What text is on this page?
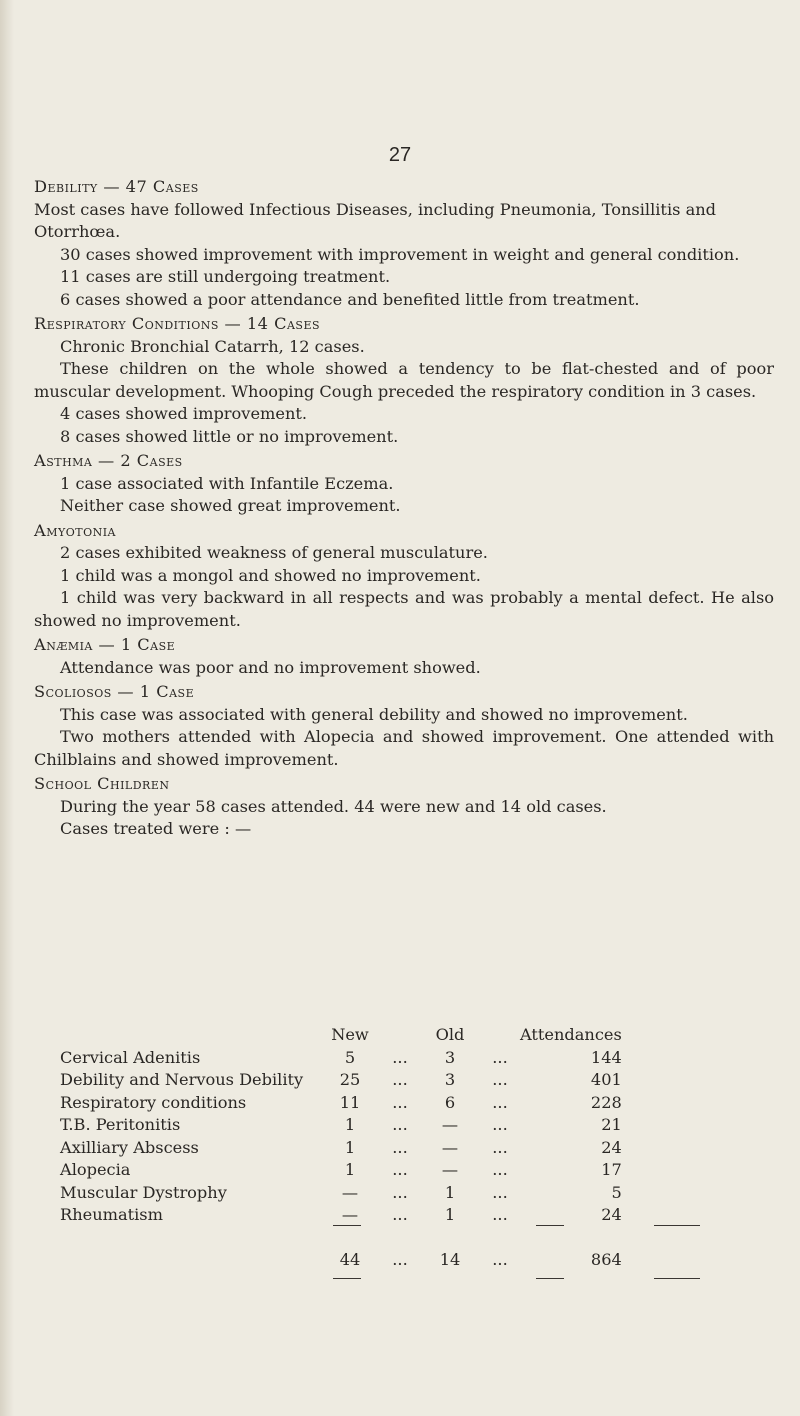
27
Debility — 47 Cases
Most cases have followed Infectious Diseases, including Pneumonia, Tonsillitis and Otorrhœa.
30 cases showed improvement with improvement in weight and general condition.
11 cases are still undergoing treatment.
6 cases showed a poor attendance and benefited little from treatment.
Respiratory Conditions — 14 Cases
Chronic Bronchial Catarrh, 12 cases.
These children on the whole showed a tendency to be flat-chested and of poor muscular development. Whooping Cough preceded the respiratory condition in 3 cases.
4 cases showed improvement.
8 cases showed little or no improvement.
Asthma — 2 Cases
1 case associated with Infantile Eczema.
Neither case showed great improvement.
Amyotonia
2 cases exhibited weakness of general musculature.
1 child was a mongol and showed no improvement.
1 child was very backward in all respects and was probably a mental defect. He also showed no improvement.
Anæmia — 1 Case
Attendance was poor and no improvement showed.
Scoliosos — 1 Case
This case was associated with general debility and showed no improvement.
Two mothers attended with Alopecia and showed improvement. One attended with Chilblains and showed improvement.
School Children
During the year 58 cases attended. 44 were new and 14 old cases.
Cases treated were : —
	New		Old		Attendances
Cervical Adenitis	5	...	3	...	144
Debility and Nervous Debility	25	...	3	...	401
Respiratory conditions	11	...	6	...	228
T.B. Peritonitis	1	...	—	...	21
Axilliary Abscess	1	...	—	...	24
Alopecia	1	...	—	...	17
Muscular Dystrophy	—	...	1	...	5
Rheumatism	—	...	1	...	24

	44	...	14	...	864
